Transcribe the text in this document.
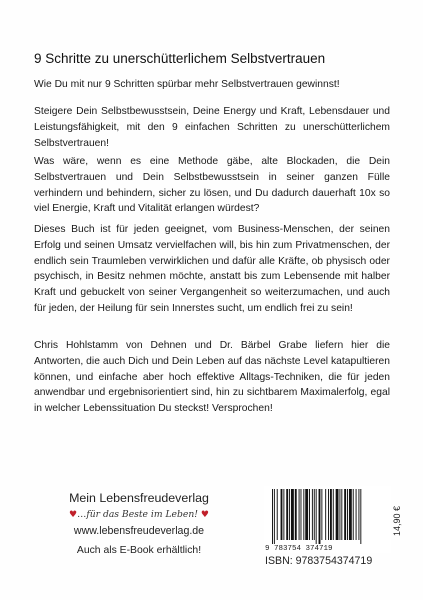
9 Schritte zu unerschütterlichem Selbstvertrauen
Wie Du mit nur 9 Schritten spürbar mehr Selbstvertrauen gewinnst!

Steigere Dein Selbstbewusstsein, Deine Energy und Kraft, Lebensdauer und Leistungsfähigkeit, mit den 9 einfachen Schritten zu unerschütterlichem Selbstvertrauen!

Was wäre, wenn es eine Methode gäbe, alte Blockaden, die Dein Selbstvertrauen und Dein Selbstbewusstsein in seiner ganzen Fülle verhindern und behindern, sicher zu lösen, und Du dadurch dauerhaft 10x so viel Energie, Kraft und Vitalität erlangen würdest?

Dieses Buch ist für jeden geeignet, vom Business-Menschen, der seinen Erfolg und seinen Umsatz vervielfachen will, bis hin zum Privatmenschen, der endlich sein Traumleben verwirklichen und dafür alle Kräfte, ob physisch oder psychisch, in Besitz nehmen möchte, anstatt bis zum Lebensende mit halber Kraft und gebuckelt von seiner Vergangenheit so weiterzumachen, und auch für jeden, der Heilung für sein Innerstes sucht, um endlich frei zu sein!

Chris Hohlstamm von Dehnen und Dr. Bärbel Grabe liefern hier die Antworten, die auch Dich und Dein Leben auf das nächste Level katapultieren können, und einfache aber hoch effektive Alltags-Techniken, die für jeden anwendbar und ergebnisorientiert sind, hin zu sichtbarem Maximalerfolg, egal in welcher Lebenssituation Du steckst! Versprochen!

Mein Lebensfreudeverlag
♥…für das Beste im Leben! ♥
www.lebensfreudeverlag.de
Auch als E-Book erhältlich!	9 783754 374719
14,90 €
ISBN: 9783754374719
